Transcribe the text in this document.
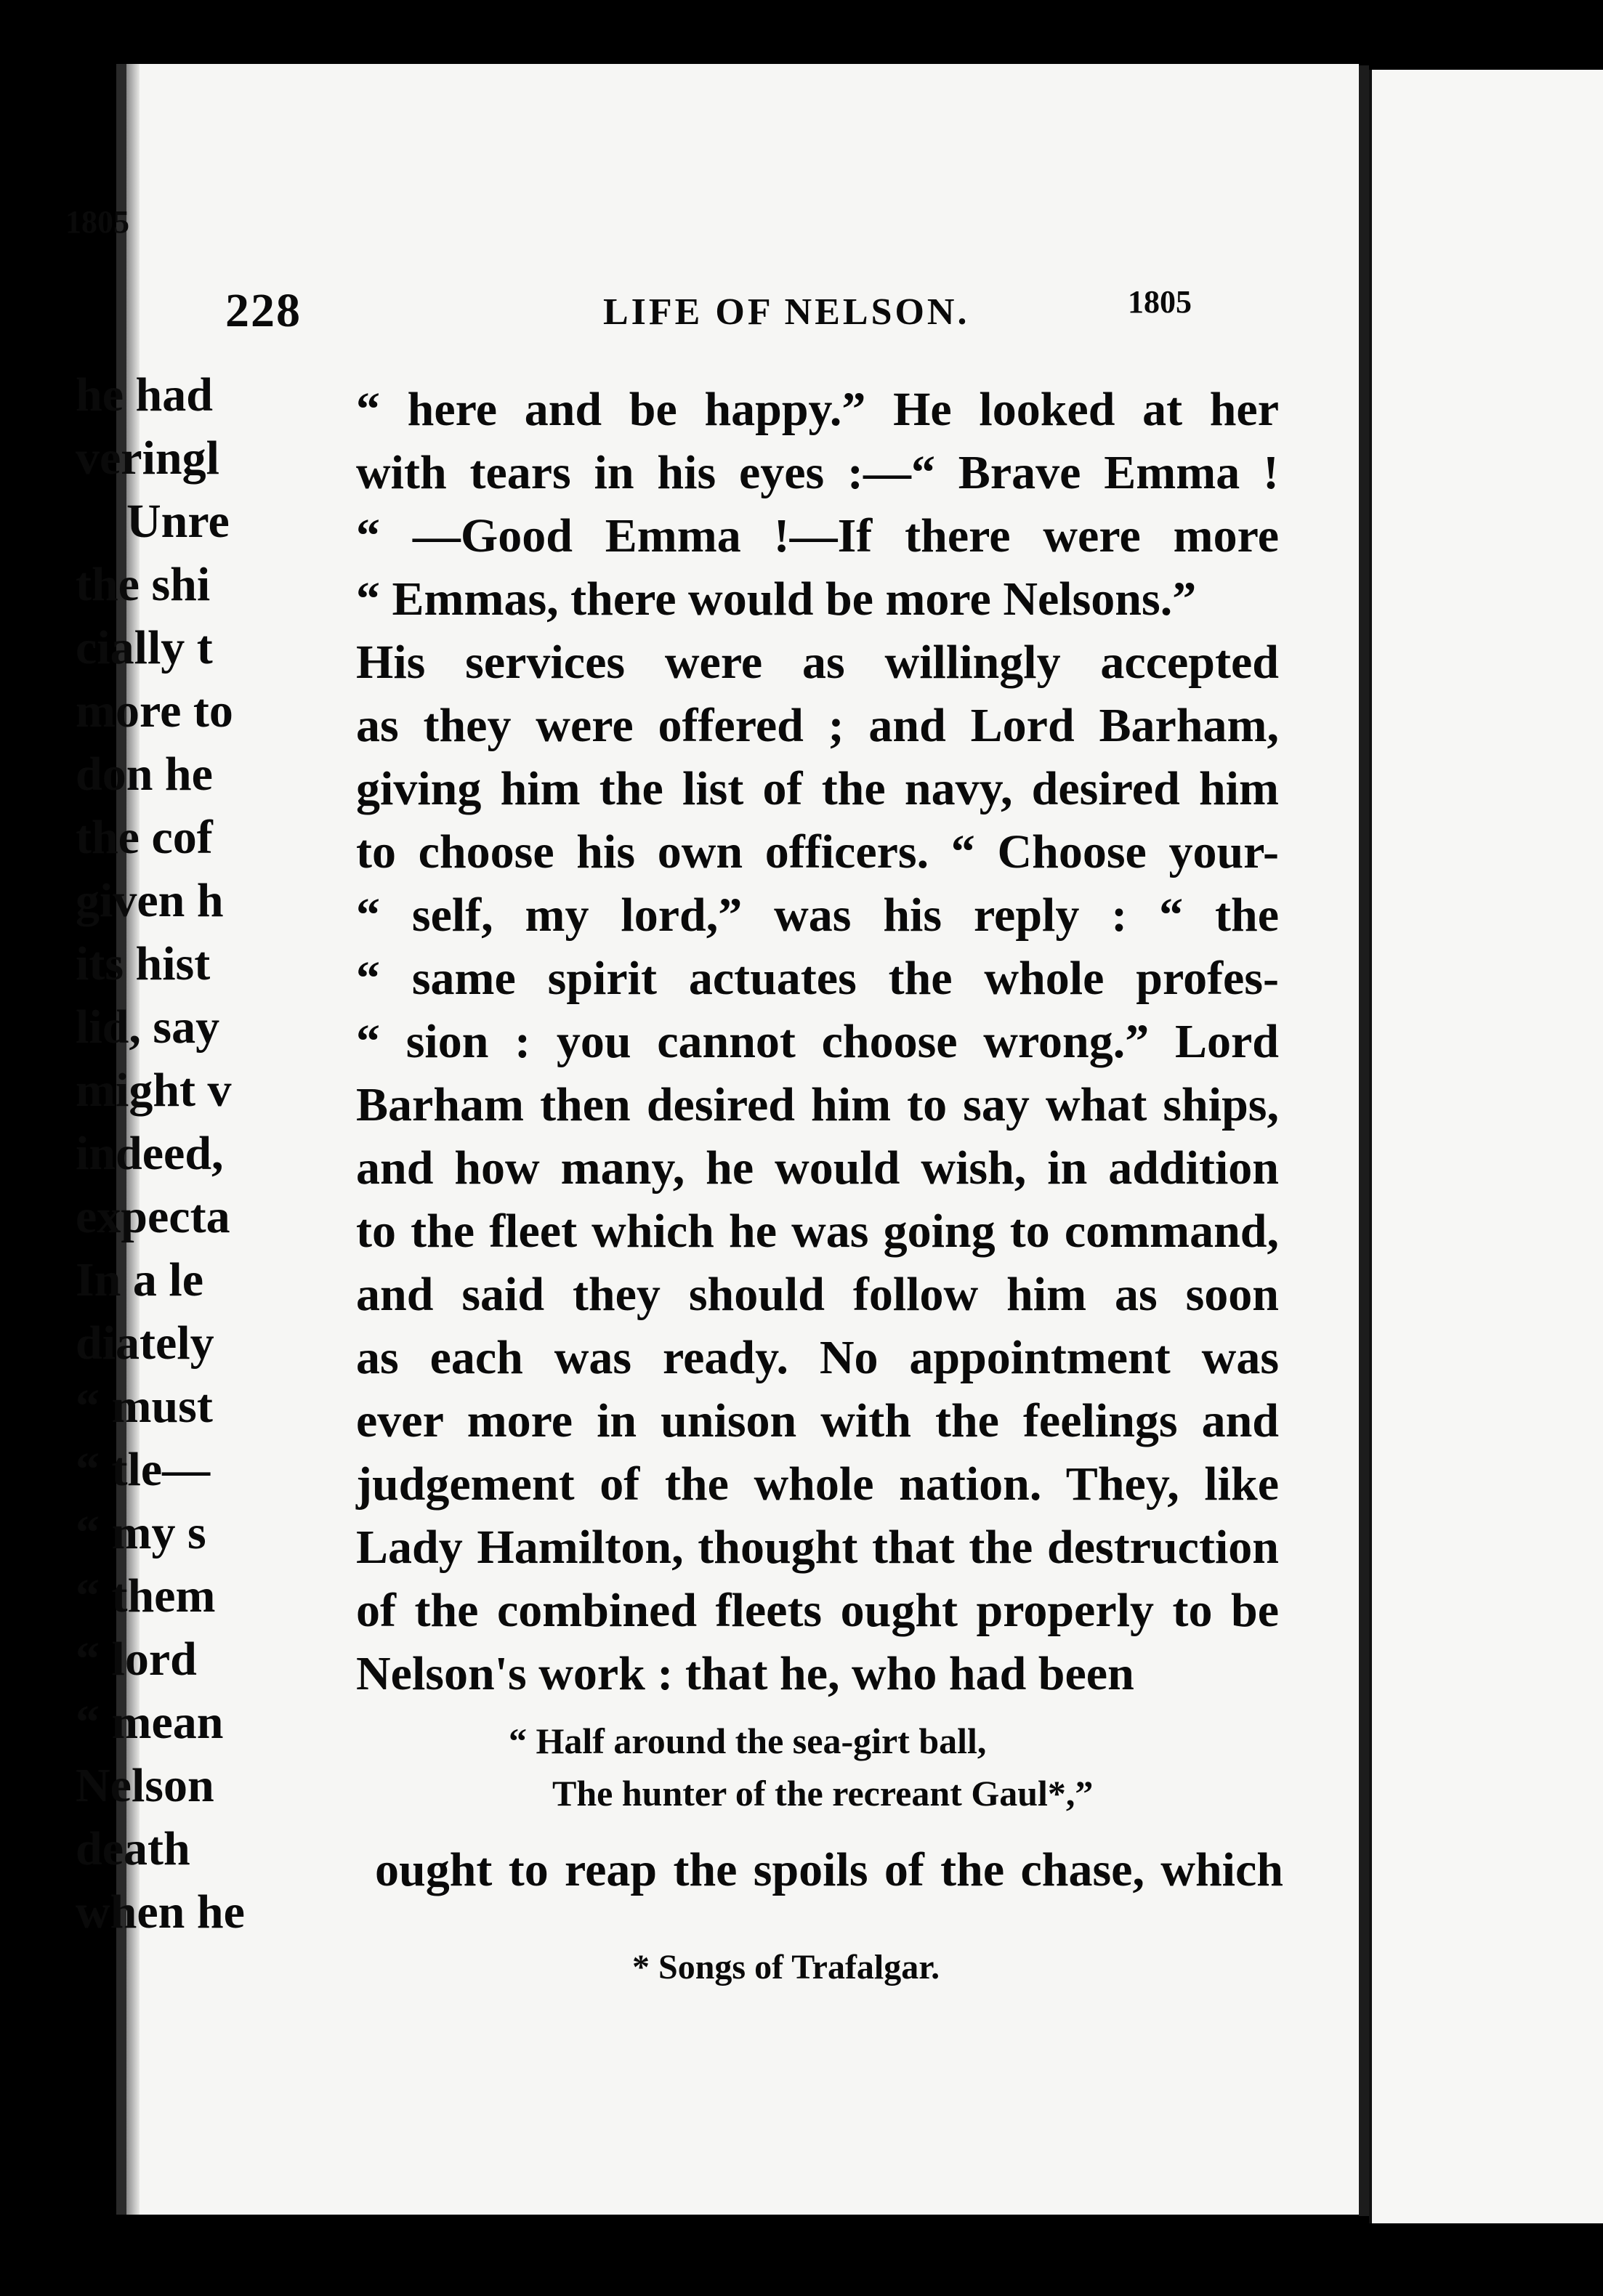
228	LIFE OF NELSON.	1805
“ here and be happy.” He looked at her
with tears in his eyes :—“ Brave Emma !
“ —Good Emma !—If there were more
“ Emmas, there would be more Nelsons.”
His services were as willingly accepted
as they were offered ; and Lord Barham,
giving him the list of the navy, desired him
to choose his own officers. “ Choose your-
“ self, my lord,” was his reply : “ the
“ same spirit actuates the whole profes-
“ sion : you cannot choose wrong.” Lord
Barham then desired him to say what ships,
and how many, he would wish, in addition
to the fleet which he was going to command,
and said they should follow him as soon
as each was ready. No appointment was
ever more in unison with the feelings and
judgement of the whole nation. They, like
Lady Hamilton, thought that the destruction
of the combined fleets ought properly to be
Nelson's work : that he, who had been
“ Half around the sea-girt ball,
The hunter of the recreant Gaul*,”
ought to reap the spoils of the chase, which
* Songs of Trafalgar.
1805
he had
veringl
Unre
the shi
cially t
more to
don he
the cof
given h
its hist
lid, say
might v
indeed,
expecta
In a le
diately
“ must
“ tle—
“ my s
“ them
“ lord
“ mean
Nelson
death
when he
